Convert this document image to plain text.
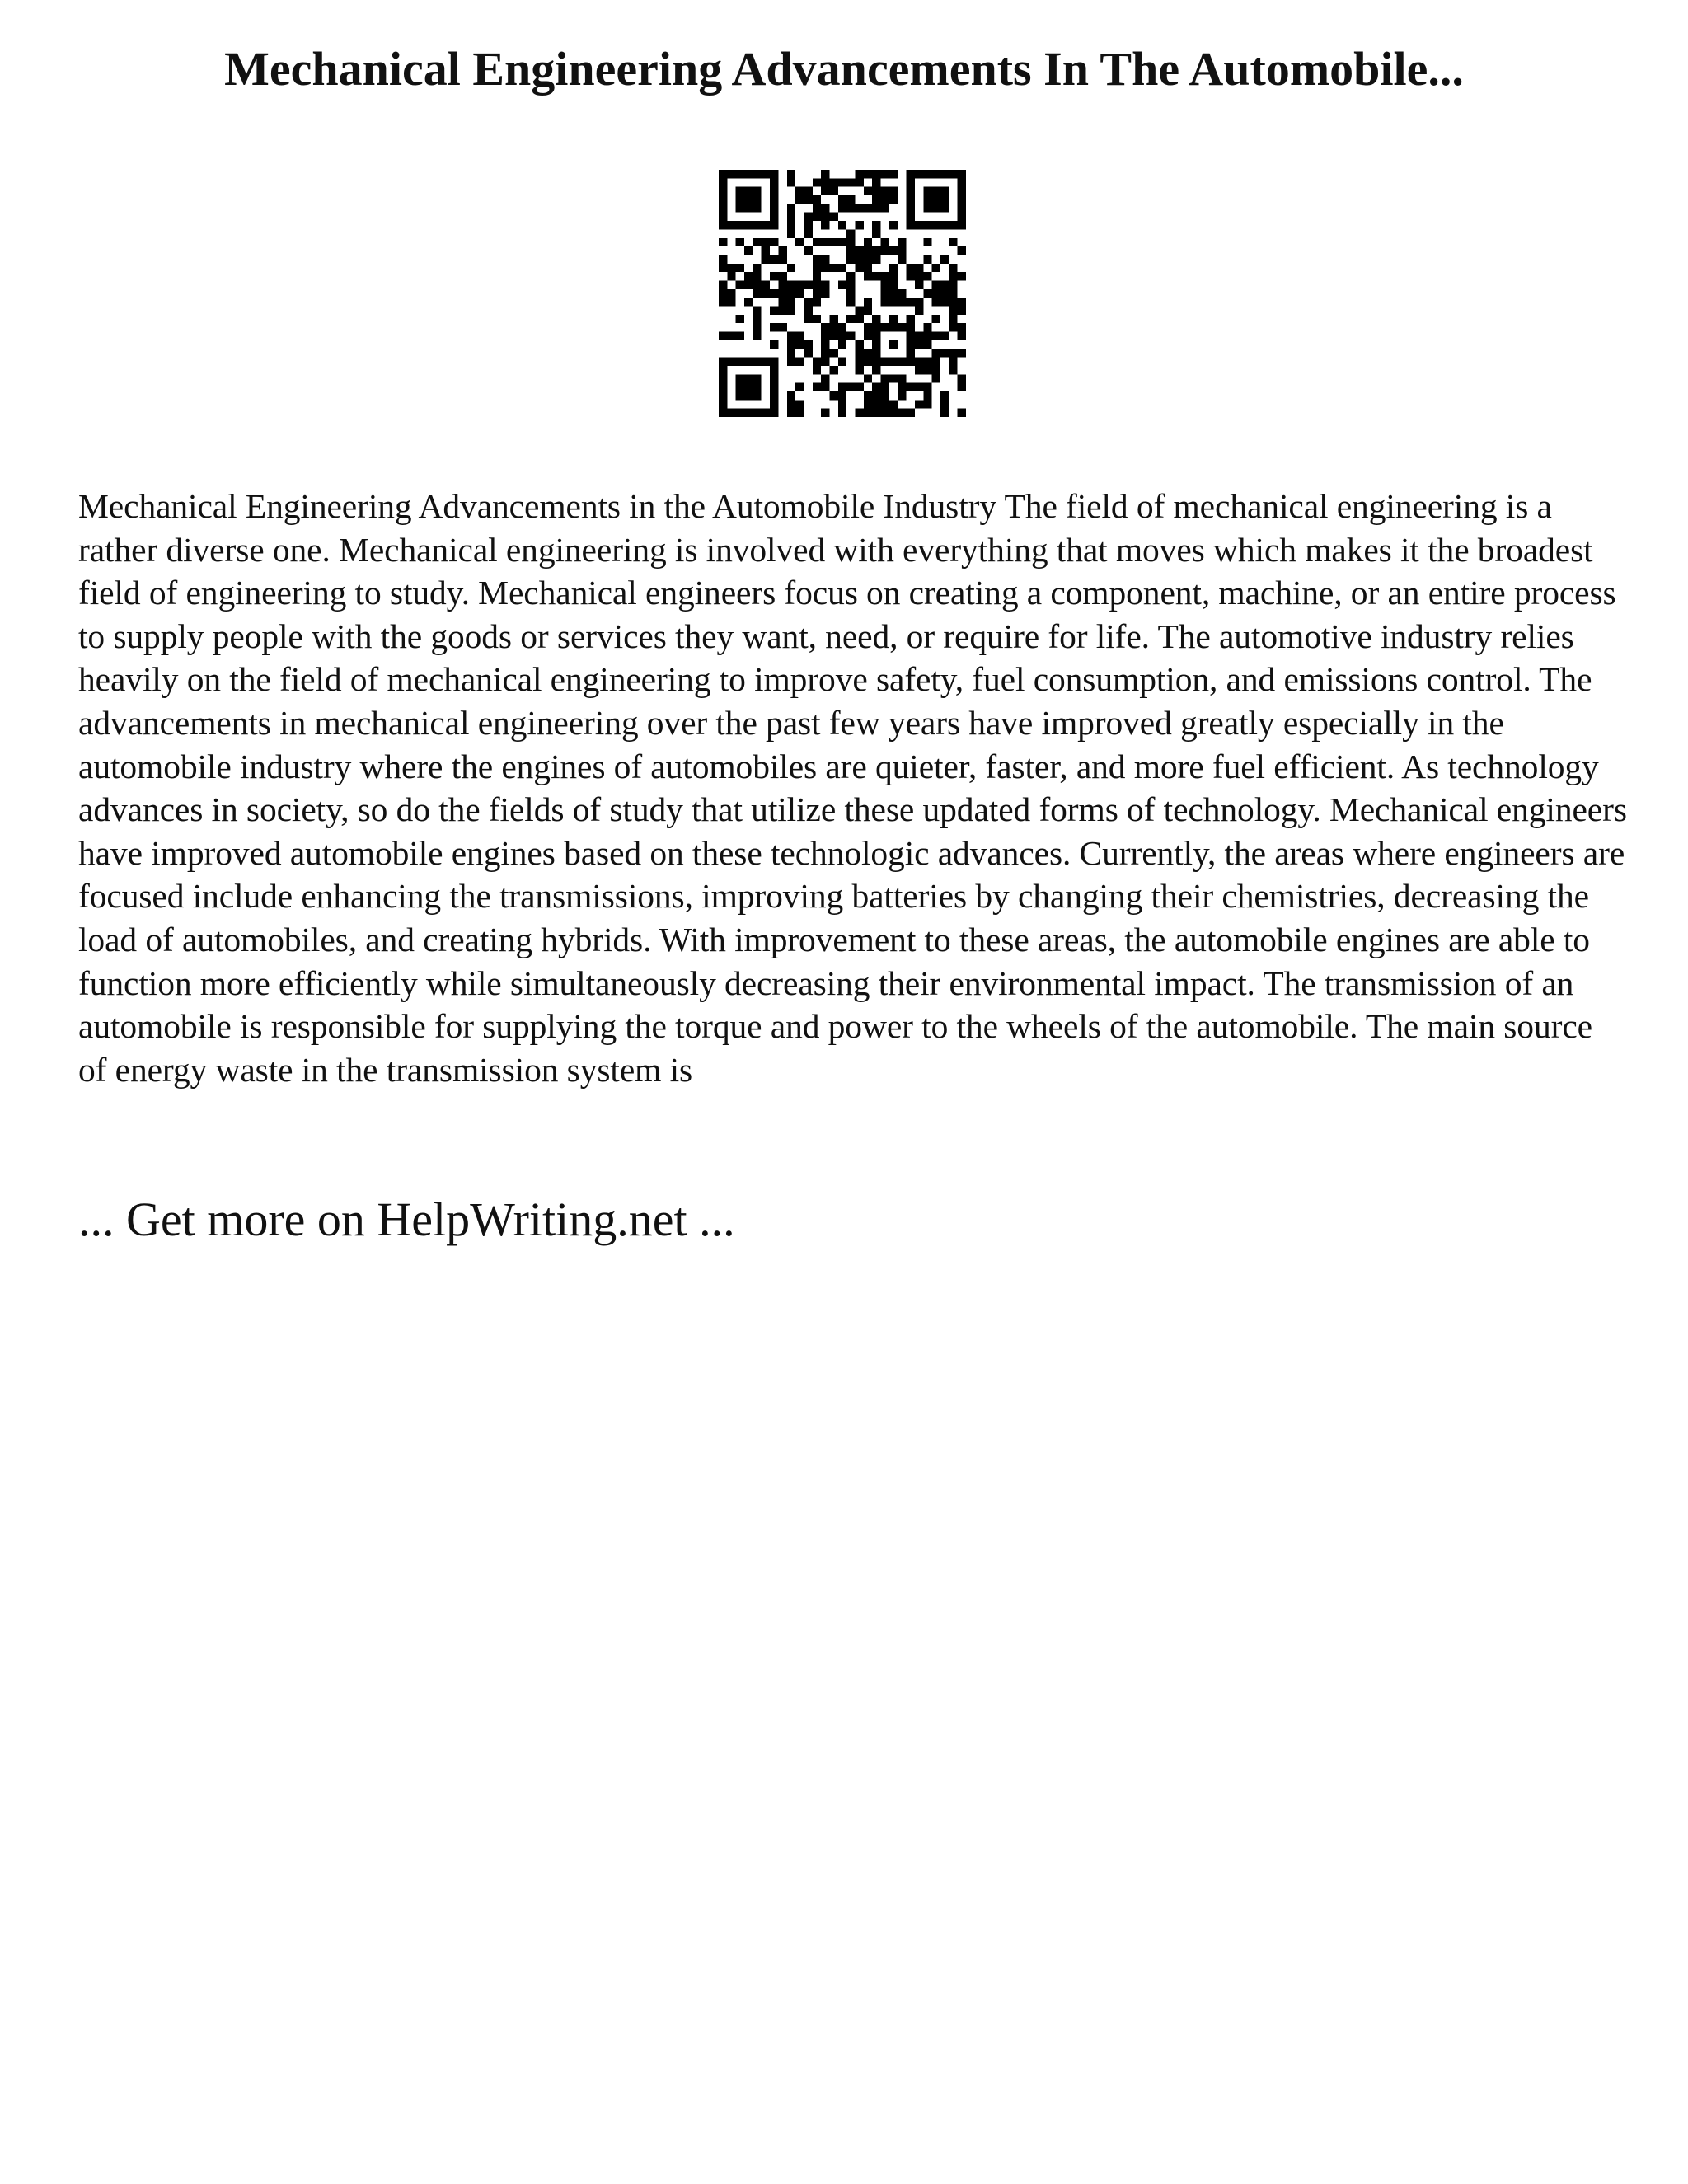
Mechanical Engineering Advancements In The Automobile...

Mechanical Engineering Advancements in the Automobile Industry The field of mechanical engineering is a rather diverse one. Mechanical engineering is involved with everything that moves which makes it the broadest field of engineering to study. Mechanical engineers focus on creating a component, machine, or an entire process to supply people with the goods or services they want, need, or require for life. The automotive industry relies heavily on the field of mechanical engineering to improve safety, fuel consumption, and emissions control. The advancements in mechanical engineering over the past few years have improved greatly especially in the automobile industry where the engines of automobiles are quieter, faster, and more fuel efficient. As technology advances in society, so do the fields of study that utilize these updated forms of technology. Mechanical engineers have improved automobile engines based on these technologic advances. Currently, the areas where engineers are focused include enhancing the transmissions, improving batteries by changing their chemistries, decreasing the load of automobiles, and creating hybrids. With improvement to these areas, the automobile engines are able to function more efficiently while simultaneously decreasing their environmental impact. The transmission of an automobile is responsible for supplying the torque and power to the wheels of the automobile. The main source of energy waste in the transmission system is

... Get more on HelpWriting.net ...
